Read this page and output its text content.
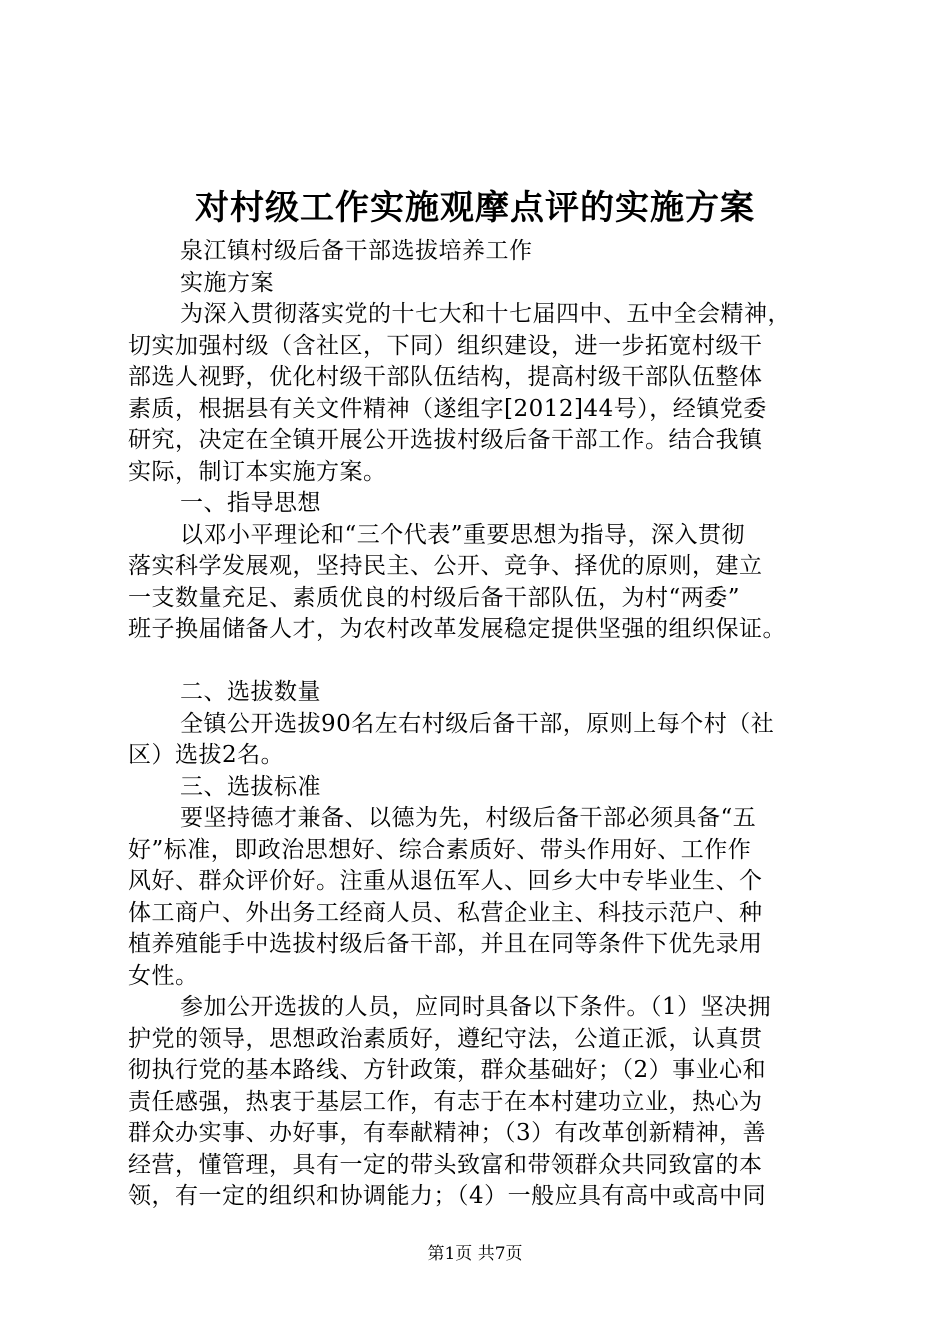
对村级工作实施观摩点评的实施方案
泉江镇村级后备干部选拔培养工作
实施方案
为深入贯彻落实党的十七大和十七届四中、五中全会精神，
切实加强村级（含社区，下同）组织建设，进一步拓宽村级干
部选人视野，优化村级干部队伍结构，提高村级干部队伍整体
素质，根据县有关文件精神（遂组字[2012]44号），经镇党委
研究，决定在全镇开展公开选拔村级后备干部工作。结合我镇
实际，制订本实施方案。
一、指导思想
以邓小平理论和“三个代表”重要思想为指导，深入贯彻
落实科学发展观，坚持民主、公开、竞争、择优的原则，建立
一支数量充足、素质优良的村级后备干部队伍，为村“两委”
班子换届储备人才，为农村改革发展稳定提供坚强的组织保证。
二、选拔数量
全镇公开选拔90名左右村级后备干部，原则上每个村（社
区）选拔2名。
三、选拔标准
要坚持德才兼备、以德为先，村级后备干部必须具备“五
好”标准，即政治思想好、综合素质好、带头作用好、工作作
风好、群众评价好。注重从退伍军人、回乡大中专毕业生、个
体工商户、外出务工经商人员、私营企业主、科技示范户、种
植养殖能手中选拔村级后备干部，并且在同等条件下优先录用
女性。
参加公开选拔的人员，应同时具备以下条件。（1）坚决拥
护党的领导，思想政治素质好，遵纪守法，公道正派，认真贯
彻执行党的基本路线、方针政策，群众基础好；（2）事业心和
责任感强，热衷于基层工作，有志于在本村建功立业，热心为
群众办实事、办好事，有奉献精神；（3）有改革创新精神，善
经营，懂管理，具有一定的带头致富和带领群众共同致富的本
领，有一定的组织和协调能力；（4）一般应具有高中或高中同
第1页 共7页
